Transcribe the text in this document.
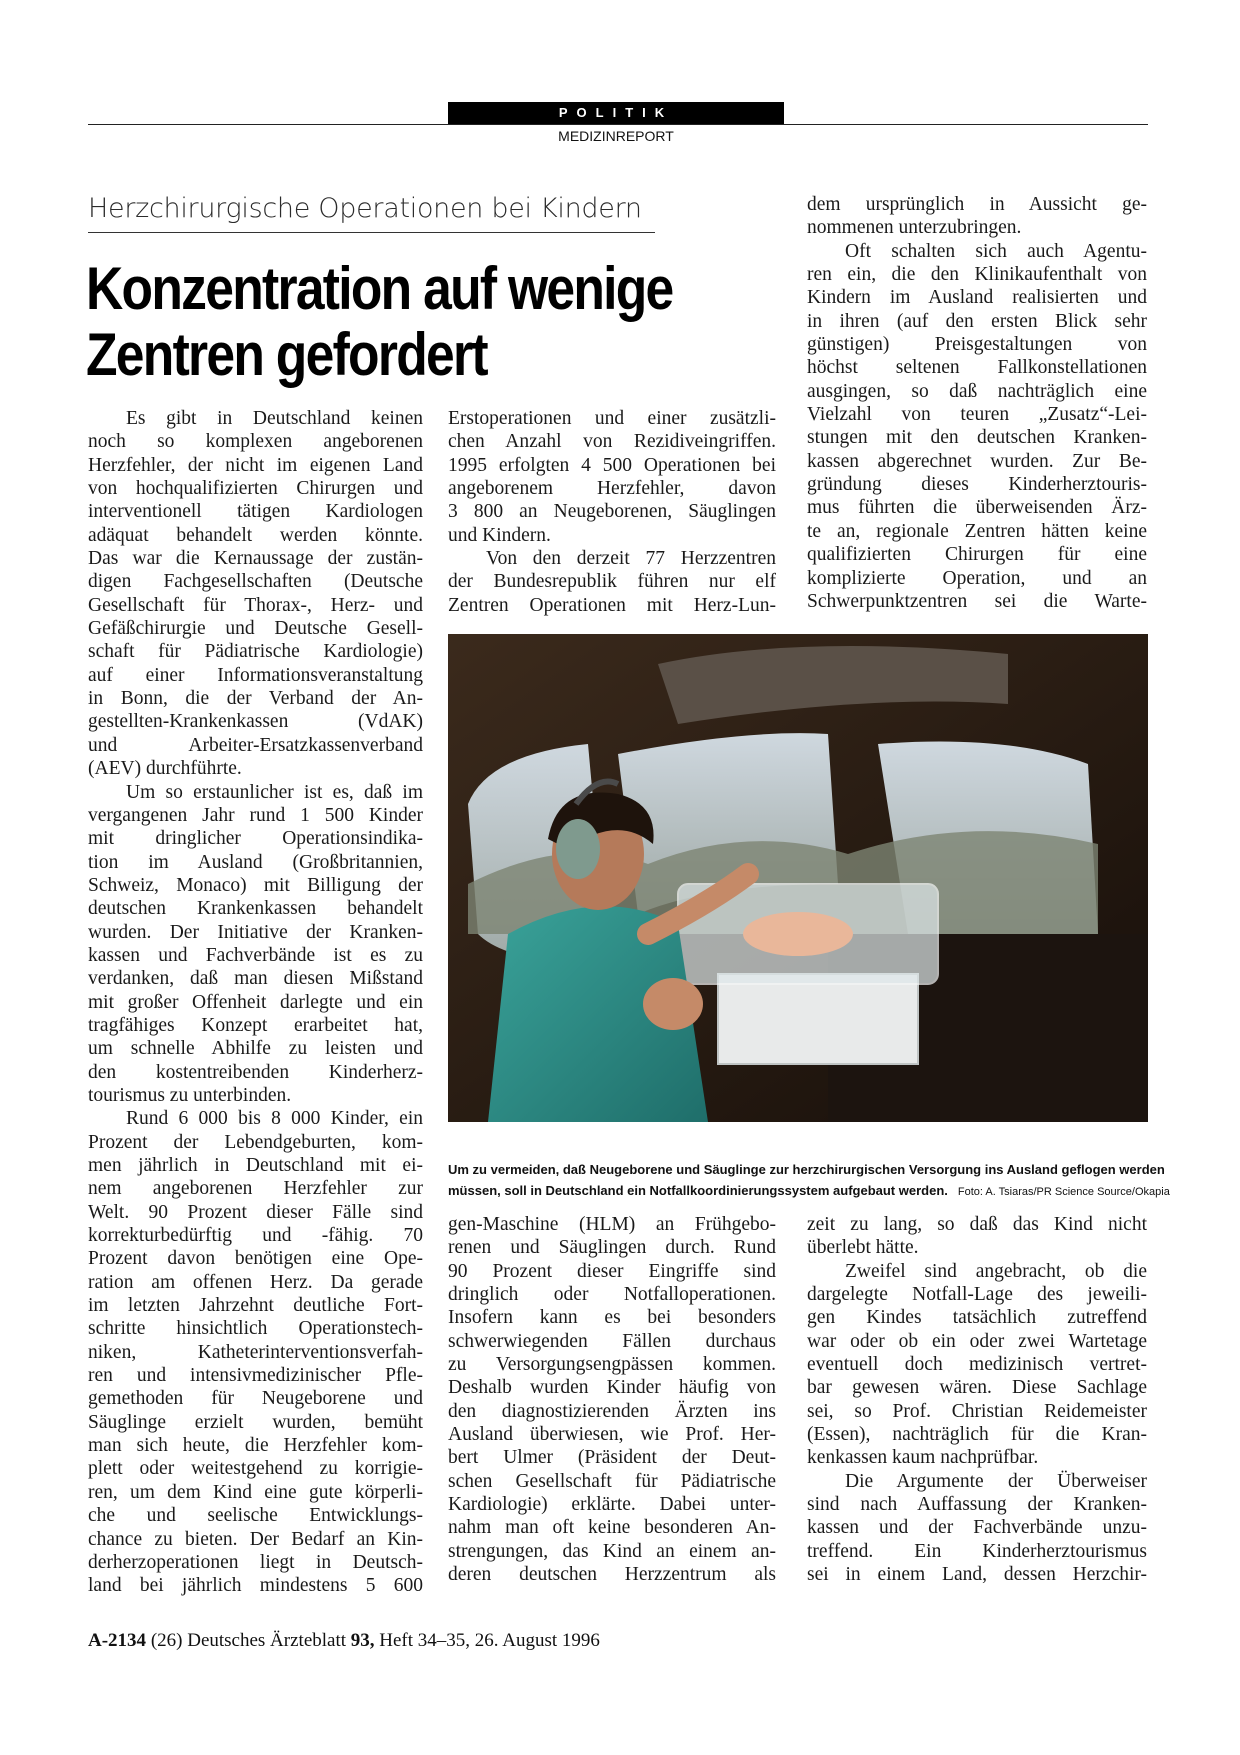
POLITIK
MEDIZINREPORT
Herzchirurgische Operationen bei Kindern
Konzentration auf wenige
Zentren gefordert
Es gibt in Deutschland keinen
noch so komplexen angeborenen
Herzfehler, der nicht im eigenen Land
von hochqualifizierten Chirurgen und
interventionell tätigen Kardiologen
adäquat behandelt werden könnte.
Das war die Kernaussage der zustän-
digen Fachgesellschaften (Deutsche
Gesellschaft für Thorax-, Herz- und
Gefäßchirurgie und Deutsche Gesell-
schaft für Pädiatrische Kardiologie)
auf einer Informationsveranstaltung
in Bonn, die der Verband der An-
gestellten-Krankenkassen (VdAK)
und Arbeiter-Ersatzkassenverband
(AEV) durchführte.
Um so erstaunlicher ist es, daß im
vergangenen Jahr rund 1 500 Kinder
mit dringlicher Operationsindika-
tion im Ausland (Großbritannien,
Schweiz, Monaco) mit Billigung der
deutschen Krankenkassen behandelt
wurden. Der Initiative der Kranken-
kassen und Fachverbände ist es zu
verdanken, daß man diesen Mißstand
mit großer Offenheit darlegte und ein
tragfähiges Konzept erarbeitet hat,
um schnelle Abhilfe zu leisten und
den kostentreibenden Kinderherz-
tourismus zu unterbinden.
Rund 6 000 bis 8 000 Kinder, ein
Prozent der Lebendgeburten, kom-
men jährlich in Deutschland mit ei-
nem angeborenen Herzfehler zur
Welt. 90 Prozent dieser Fälle sind
korrekturbedürftig und -fähig. 70
Prozent davon benötigen eine Ope-
ration am offenen Herz. Da gerade
im letzten Jahrzehnt deutliche Fort-
schritte hinsichtlich Operationstech-
niken, Katheterinterventionsverfah-
ren und intensivmedizinischer Pfle-
gemethoden für Neugeborene und
Säuglinge erzielt wurden, bemüht
man sich heute, die Herzfehler kom-
plett oder weitestgehend zu korrigie-
ren, um dem Kind eine gute körperli-
che und seelische Entwicklungs-
chance zu bieten. Der Bedarf an Kin-
derherzoperationen liegt in Deutsch-
land bei jährlich mindestens 5 600
Erstoperationen und einer zusätzli-
chen Anzahl von Rezidiveingriffen.
1995 erfolgten 4 500 Operationen bei
angeborenem Herzfehler, davon
3 800 an Neugeborenen, Säuglingen
und Kindern.
Von den derzeit 77 Herzzentren
der Bundesrepublik führen nur elf
Zentren Operationen mit Herz-Lun-
dem ursprünglich in Aussicht ge-
nommenen unterzubringen.
Oft schalten sich auch Agentu-
ren ein, die den Klinikaufenthalt von
Kindern im Ausland realisierten und
in ihren (auf den ersten Blick sehr
günstigen) Preisgestaltungen von
höchst seltenen Fallkonstellationen
ausgingen, so daß nachträglich eine
Vielzahl von teuren „Zusatz“-Lei-
stungen mit den deutschen Kranken-
kassen abgerechnet wurden. Zur Be-
gründung dieses Kinderherztouris-
mus führten die überweisenden Ärz-
te an, regionale Zentren hätten keine
qualifizierten Chirurgen für eine
komplizierte Operation, und an
Schwerpunktzentren sei die Warte-
gen-Maschine (HLM) an Frühgebo-
renen und Säuglingen durch. Rund
90 Prozent dieser Eingriffe sind
dringlich oder Notfalloperationen.
Insofern kann es bei besonders
schwerwiegenden Fällen durchaus
zu Versorgungsengpässen kommen.
Deshalb wurden Kinder häufig von
den diagnostizierenden Ärzten ins
Ausland überwiesen, wie Prof. Her-
bert Ulmer (Präsident der Deut-
schen Gesellschaft für Pädiatrische
Kardiologie) erklärte. Dabei unter-
nahm man oft keine besonderen An-
strengungen, das Kind an einem an-
deren deutschen Herzzentrum als
zeit zu lang, so daß das Kind nicht
überlebt hätte.
Zweifel sind angebracht, ob die
dargelegte Notfall-Lage des jeweili-
gen Kindes tatsächlich zutreffend
war oder ob ein oder zwei Wartetage
eventuell doch medizinisch vertret-
bar gewesen wären. Diese Sachlage
sei, so Prof. Christian Reidemeister
(Essen), nachträglich für die Kran-
kenkassen kaum nachprüfbar.
Die Argumente der Überweiser
sind nach Auffassung der Kranken-
kassen und der Fachverbände unzu-
treffend. Ein Kinderherztourismus
sei in einem Land, dessen Herzchir-
Um zu vermeiden, daß Neugeborene und Säuglinge zur herzchirurgischen Versorgung ins Ausland geflogen werden
müssen, soll in Deutschland ein Notfallkoordinierungssystem aufgebaut werden. Foto: A. Tsiaras/PR Science Source/Okapia
A-2134 (26) Deutsches Ärzteblatt 93, Heft 34–35, 26. August 1996
